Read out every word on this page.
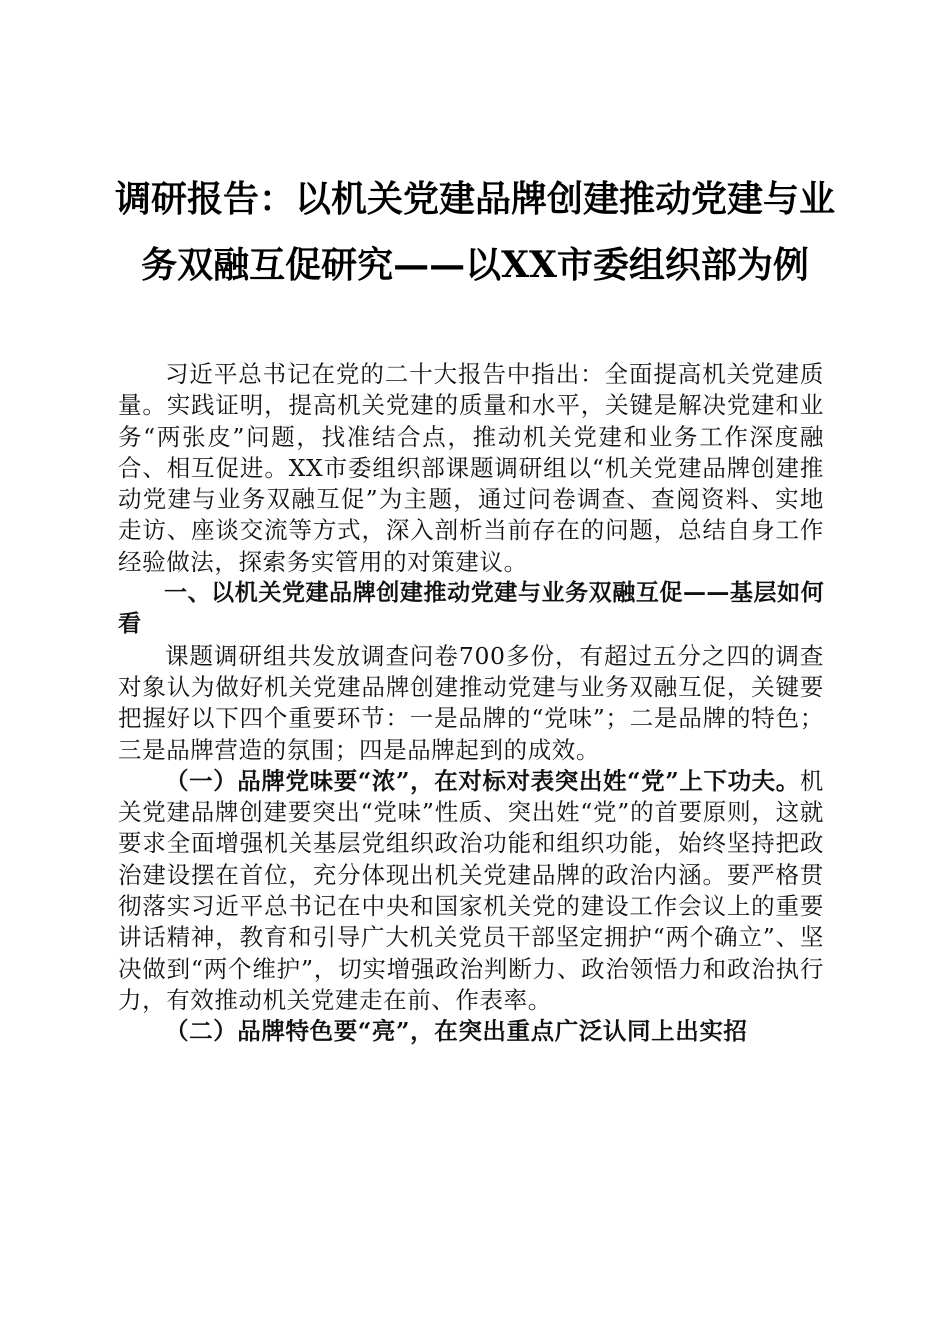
调研报告：以机关党建品牌创建推动党建与业
务双融互促研究——以XX市委组织部为例

习近平总书记在党的二十大报告中指出：全面提高机关党建质量。实践证明，提高机关党建的质量和水平，关键是解决党建和业务“两张皮”问题，找准结合点，推动机关党建和业务工作深度融合、相互促进。XX市委组织部课题调研组以“机关党建品牌创建推动党建与业务双融互促”为主题，通过问卷调查、查阅资料、实地走访、座谈交流等方式，深入剖析当前存在的问题，总结自身工作经验做法，探索务实管用的对策建议。

一、以机关党建品牌创建推动党建与业务双融互促——基层如何看

课题调研组共发放调查问卷700多份，有超过五分之四的调查对象认为做好机关党建品牌创建推动党建与业务双融互促，关键要把握好以下四个重要环节：一是品牌的“党味”；二是品牌的特色；三是品牌营造的氛围；四是品牌起到的成效。

（一）品牌党味要“浓”，在对标对表突出姓“党”上下功夫。机关党建品牌创建要突出“党味”性质、突出姓“党”的首要原则，这就要求全面增强机关基层党组织政治功能和组织功能，始终坚持把政治建设摆在首位，充分体现出机关党建品牌的政治内涵。要严格贯彻落实习近平总书记在中央和国家机关党的建设工作会议上的重要讲话精神，教育和引导广大机关党员干部坚定拥护“两个确立”、坚决做到“两个维护”，切实增强政治判断力、政治领悟力和政治执行力，有效推动机关党建走在前、作表率。

（二）品牌特色要“亮”，在突出重点广泛认同上出实招
